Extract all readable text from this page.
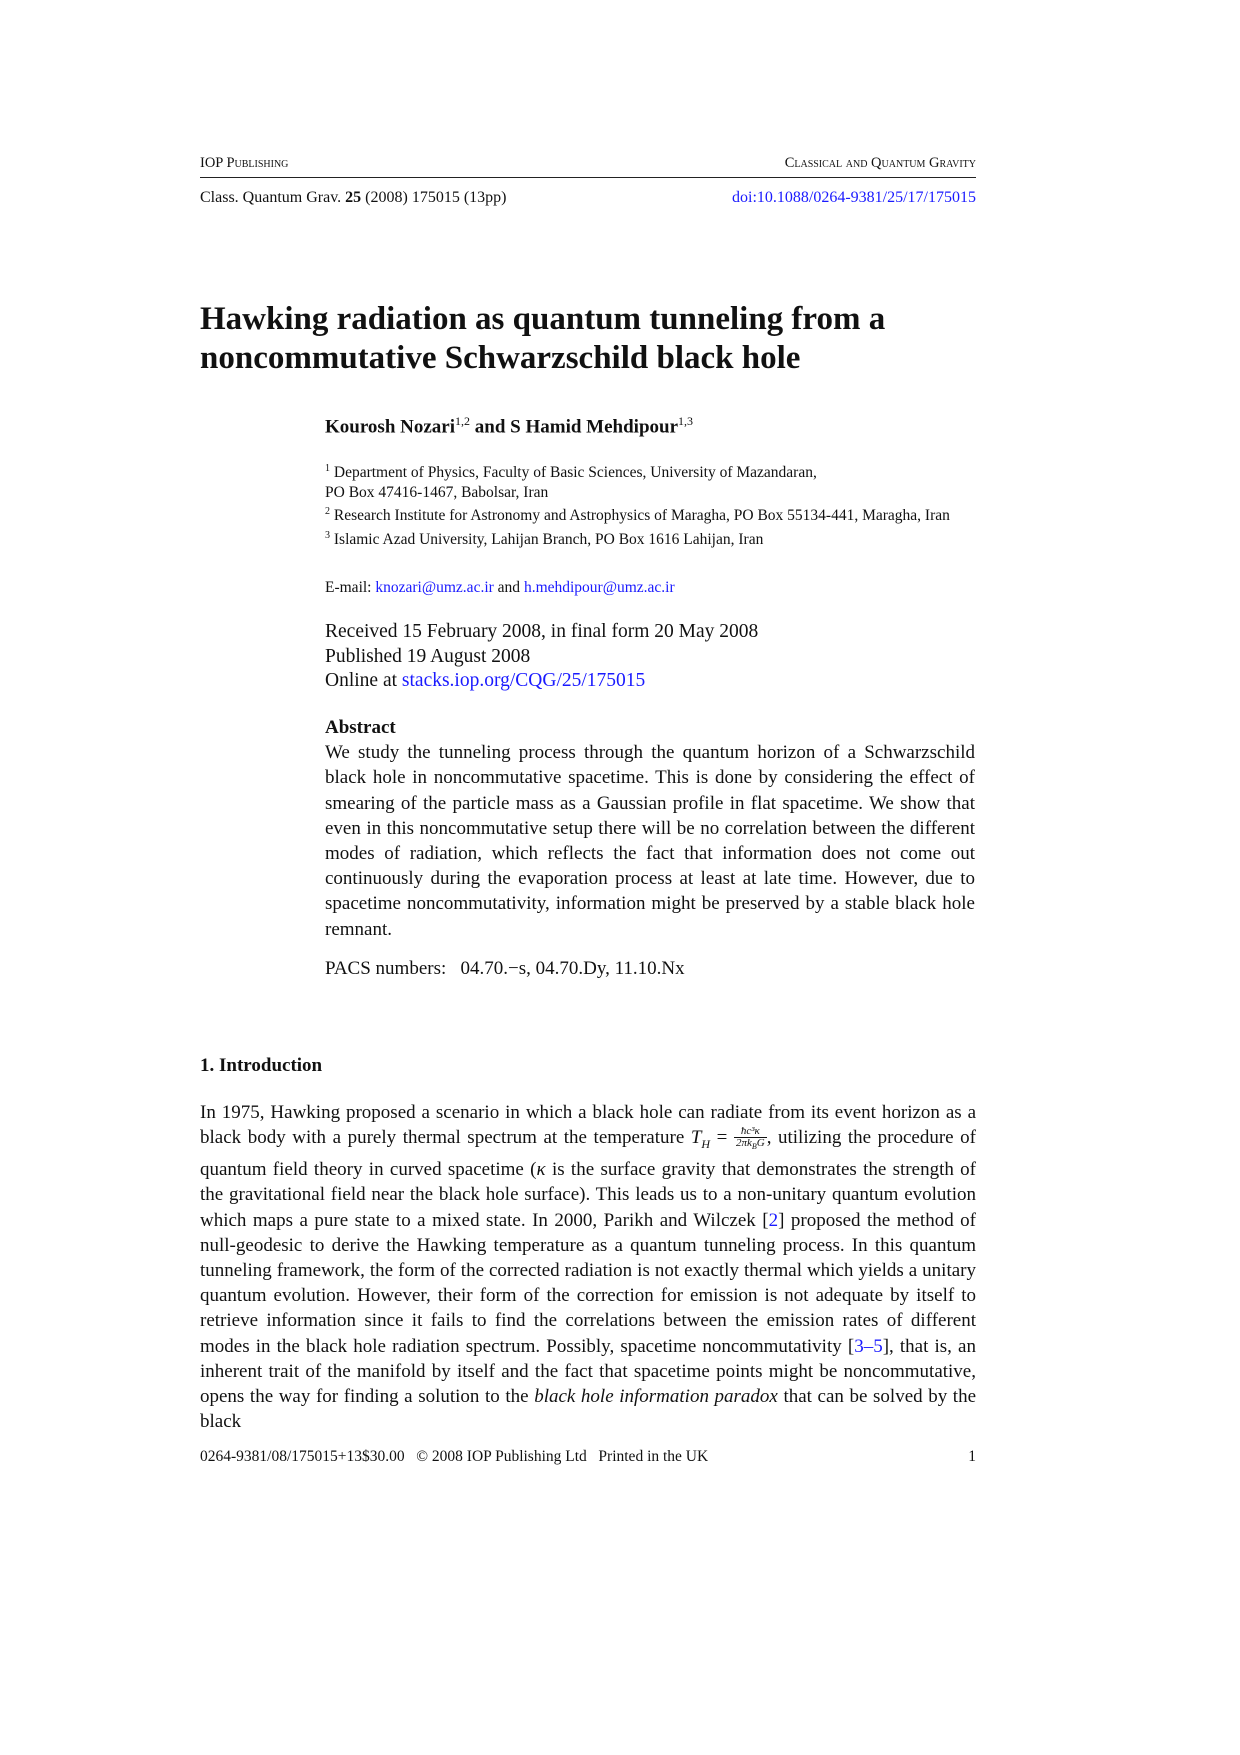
IOP Publishing	Classical and Quantum Gravity
Class. Quantum Grav. 25 (2008) 175015 (13pp)	doi:10.1088/0264-9381/25/17/175015
Hawking radiation as quantum tunneling from a noncommutative Schwarzschild black hole
Kourosh Nozari$^{1,2}$ and S Hamid Mehdipour$^{1,3}$
$^1$ Department of Physics, Faculty of Basic Sciences, University of Mazandaran,
PO Box 47416-1467, Babolsar, Iran
$^2$ Research Institute for Astronomy and Astrophysics of Maragha, PO Box 55134-441, Maragha, Iran
$^3$ Islamic Azad University, Lahijan Branch, PO Box 1616 Lahijan, Iran
E-mail: knozari@umz.ac.ir and h.mehdipour@umz.ac.ir
Received 15 February 2008, in final form 20 May 2008
Published 19 August 2008
Online at stacks.iop.org/CQG/25/175015
Abstract
We study the tunneling process through the quantum horizon of a Schwarzschild black hole in noncommutative spacetime. This is done by considering the effect of smearing of the particle mass as a Gaussian profile in flat spacetime. We show that even in this noncommutative setup there will be no correlation between the different modes of radiation, which reflects the fact that information does not come out continuously during the evaporation process at least at late time. However, due to spacetime noncommutativity, information might be preserved by a stable black hole remnant.
PACS numbers:   04.70.−s, 04.70.Dy, 11.10.Nx
1. Introduction
In 1975, Hawking proposed a scenario in which a black hole can radiate from its event horizon as a black body with a purely thermal spectrum at the temperature $T_H = \frac{\text{ħc³κ}}{2\pi k_BG}$ , utilizing the procedure of quantum field theory in curved spacetime (κ is the surface gravity that demonstrates the strength of the gravitational field near the black hole surface). This leads us to a non-unitary quantum evolution which maps a pure state to a mixed state. In 2000, Parikh and Wilczek [2] proposed the method of null-geodesic to derive the Hawking temperature as a quantum tunneling process. In this quantum tunneling framework, the form of the corrected radiation is not exactly thermal which yields a unitary quantum evolution. However, their form of the correction for emission is not adequate by itself to retrieve information since it fails to find the correlations between the emission rates of different modes in the black hole radiation spectrum. Possibly, spacetime noncommutativity [3–5], that is, an inherent trait of the manifold by itself and the fact that spacetime points might be noncommutative, opens the way for finding a solution to the black hole information paradox that can be solved by the black
0264-9381/08/175015+13$30.00   © 2008 IOP Publishing Ltd   Printed in the UK	1
